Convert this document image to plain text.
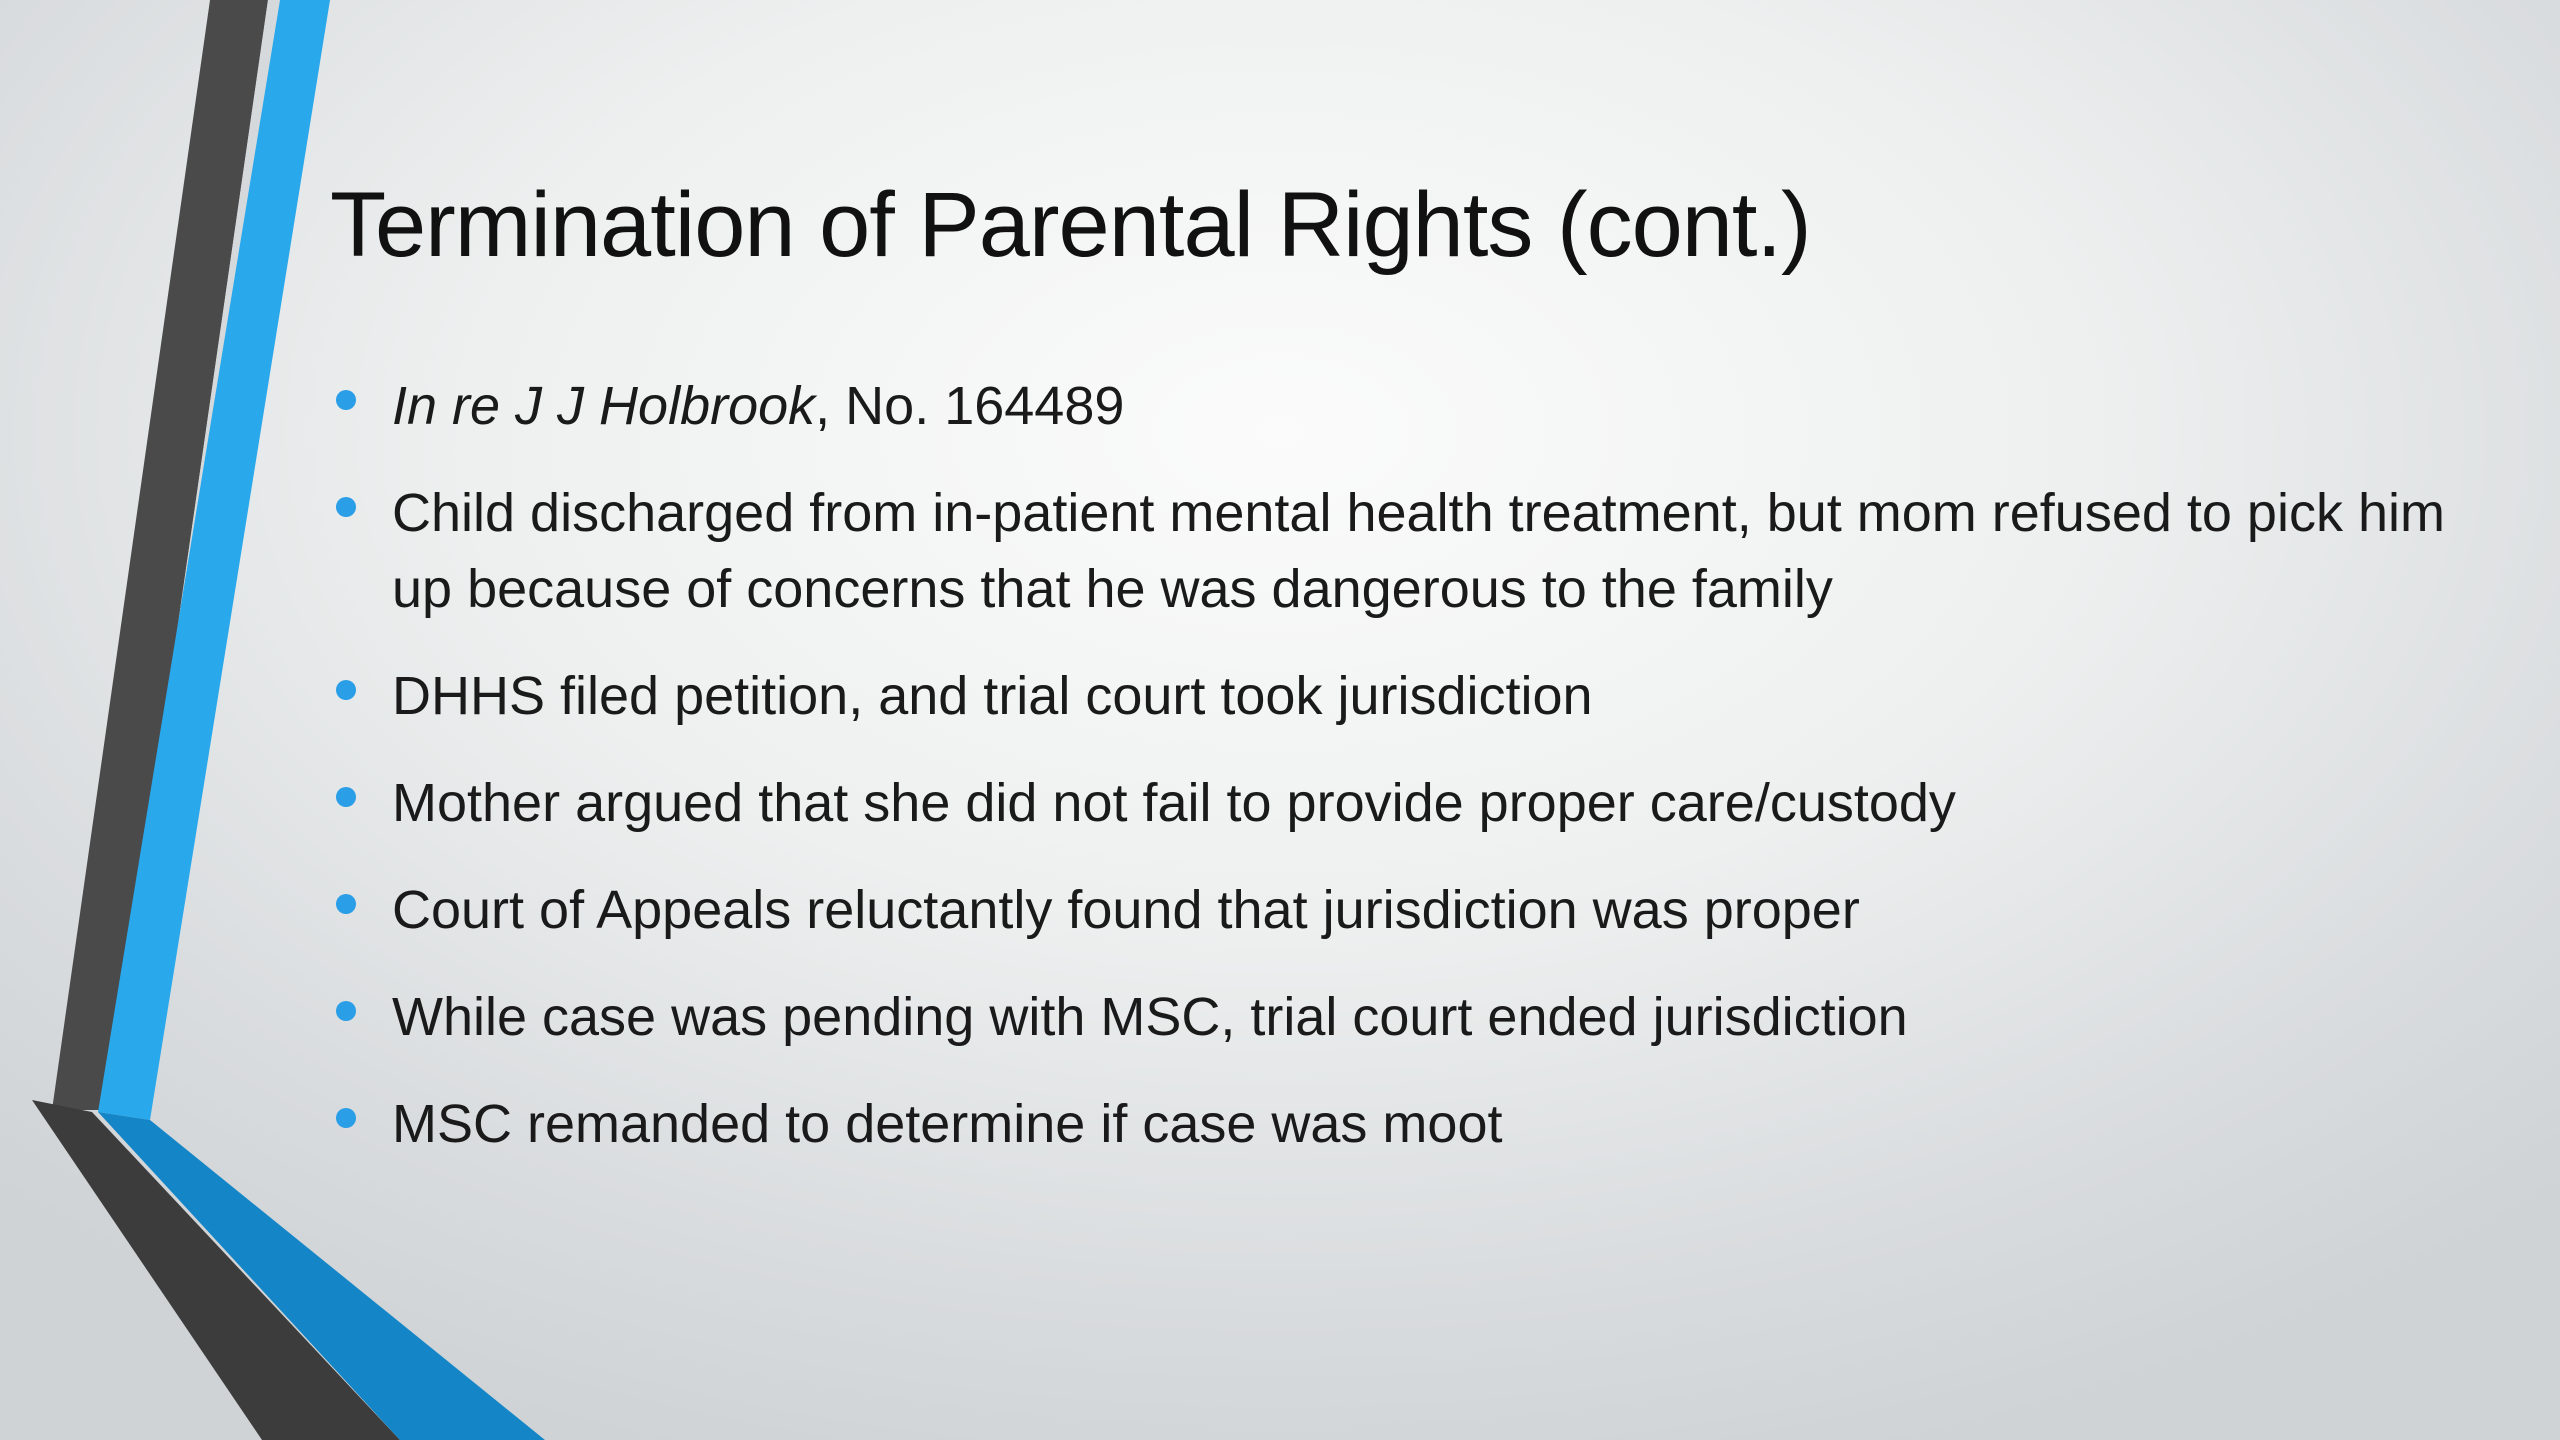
Termination of Parental Rights (cont.)
In re J J Holbrook, No. 164489
Child discharged from in-patient mental health treatment, but mom refused to pick him up because of concerns that he was dangerous to the family
DHHS filed petition, and trial court took jurisdiction
Mother argued that she did not fail to provide proper care/custody
Court of Appeals reluctantly found that jurisdiction was proper
While case was pending with MSC, trial court ended jurisdiction
MSC remanded to determine if case was moot
